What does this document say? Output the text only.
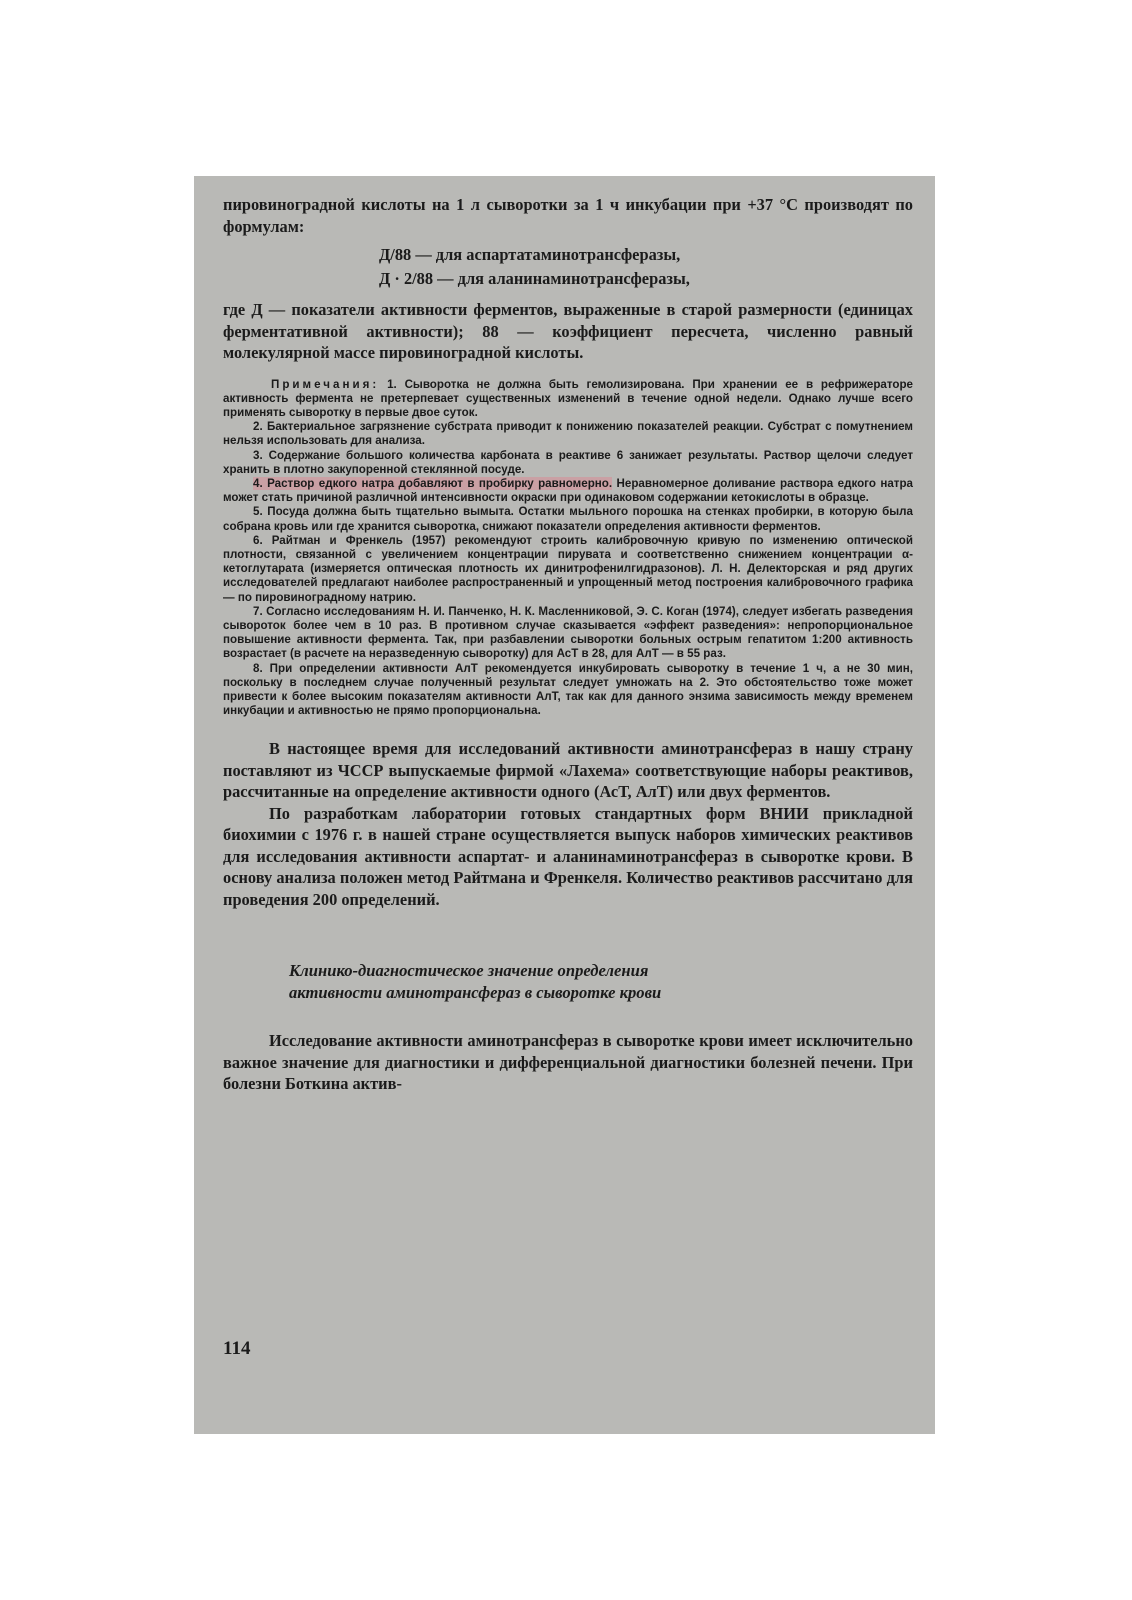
пировиноградной кислоты на 1 л сыворотки за 1 ч инкубации при +37 °С производят по формулам:

Д/88 — для аспартатаминотрансферазы,
Д · 2/88 — для аланинаминотрансферазы,

где Д — показатели активности ферментов, выраженные в старой размерности (единицах ферментативной активности); 88 — коэффициент пересчета, численно равный молекулярной массе пировиноградной кислоты.

Примечания: 1. Сыворотка не должна быть гемолизирована. При хранении ее в рефрижераторе активность фермента не претерпевает существенных изменений в течение одной недели. Однако лучше всего применять сыворотку в первые двое суток.

2. Бактериальное загрязнение субстрата приводит к понижению показателей реакции. Субстрат с помутнением нельзя использовать для анализа.

3. Содержание большого количества карбоната в реактиве 6 занижает результаты. Раствор щелочи следует хранить в плотно закупоренной стеклянной посуде.

4. Раствор едкого натра добавляют в пробирку равномерно. Неравномерное доливание раствора едкого натра может стать причиной различной интенсивности окраски при одинаковом содержании кетокислоты в образце.

5. Посуда должна быть тщательно вымыта. Остатки мыльного порошка на стенках пробирки, в которую была собрана кровь или где хранится сыворотка, снижают показатели определения активности ферментов.

6. Райтман и Френкель (1957) рекомендуют строить калибровочную кривую по изменению оптической плотности, связанной с увеличением концентрации пирувата и соответственно снижением концентрации α-кетоглутарата (измеряется оптическая плотность их динитрофенилгидразонов). Л. Н. Делекторская и ряд других исследователей предлагают наиболее распространенный и упрощенный метод построения калибровочного графика — по пировиноградному натрию.

7. Согласно исследованиям Н. И. Панченко, Н. К. Масленниковой, Э. С. Коган (1974), следует избегать разведения сывороток более чем в 10 раз. В противном случае сказывается «эффект разведения»: непропорциональное повышение активности фермента. Так, при разбавлении сыворотки больных острым гепатитом 1:200 активность возрастает (в расчете на неразведенную сыворотку) для АсТ в 28, для АлТ — в 55 раз.

8. При определении активности АлТ рекомендуется инкубировать сыворотку в течение 1 ч, а не 30 мин, поскольку в последнем случае полученный результат следует умножать на 2. Это обстоятельство тоже может привести к более высоким показателям активности АлТ, так как для данного энзима зависимость между временем инкубации и активностью не прямо пропорциональна.

В настоящее время для исследований активности аминотрансфераз в нашу страну поставляют из ЧССР выпускаемые фирмой «Лахема» соответствующие наборы реактивов, рассчитанные на определение активности одного (АсТ, АлТ) или двух ферментов.

По разработкам лаборатории готовых стандартных форм ВНИИ прикладной биохимии с 1976 г. в нашей стране осуществляется выпуск наборов химических реактивов для исследования активности аспартат- и аланинаминотрансфераз в сыворотке крови. В основу анализа положен метод Райтмана и Френкеля. Количество реактивов рассчитано для проведения 200 определений.

Клинико-диагностическое значение определения
активности аминотрансфераз в сыворотке крови

Исследование активности аминотрансфераз в сыворотке крови имеет исключительно важное значение для диагностики и дифференциальной диагностики болезней печени. При болезни Боткина актив-

114
